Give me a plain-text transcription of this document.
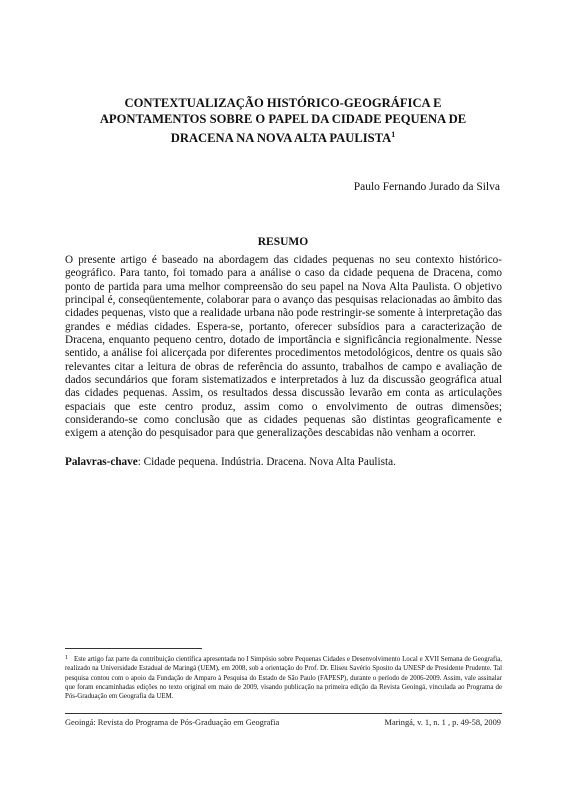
CONTEXTUALIZAÇÃO HISTÓRICO-GEOGRÁFICA E APONTAMENTOS SOBRE O PAPEL DA CIDADE PEQUENA DE DRACENA NA NOVA ALTA PAULISTA$^1$
Paulo Fernando Jurado da Silva
RESUMO

O presente artigo é baseado na abordagem das cidades pequenas no seu contexto histórico-geográfico. Para tanto, foi tomado para a análise o caso da cidade pequena de Dracena, como ponto de partida para uma melhor compreensão do seu papel na Nova Alta Paulista. O objetivo principal é, conseqüentemente, colaborar para o avanço das pesquisas relacionadas ao âmbito das cidades pequenas, visto que a realidade urbana não pode restringir-se somente à interpretação das grandes e médias cidades. Espera-se, portanto, oferecer subsídios para a caracterização de Dracena, enquanto pequeno centro, dotado de importância e significância regionalmente. Nesse sentido, a análise foi alicerçada por diferentes procedimentos metodológicos, dentre os quais são relevantes citar a leitura de obras de referência do assunto, trabalhos de campo e avaliação de dados secundários que foram sistematizados e interpretados à luz da discussão geográfica atual das cidades pequenas. Assim, os resultados dessa discussão levarão em conta as articulações espaciais que este centro produz, assim como o envolvimento de outras dimensões; considerando-se como conclusão que as cidades pequenas são distintas geograficamente e exigem a atenção do pesquisador para que generalizações descabidas não venham a ocorrer.

Palavras-chave: Cidade pequena. Indústria. Dracena. Nova Alta Paulista.

$^1$ Este artigo faz parte da contribuição científica apresentada no I Simpósio sobre Pequenas Cidades e Desenvolvimento Local e XVII Semana de Geografia, realizado na Universidade Estadual de Maringá (UEM), em 2008, sob a orientação do Prof. Dr. Eliseu Savério Sposito da UNESP de Presidente Prudente. Tal pesquisa contou com o apoio da Fundação de Amparo à Pesquisa do Estado de São Paulo (FAPESP), durante o período de 2006-2009. Assim, vale assinalar que foram encaminhadas edições no texto original em maio de 2009, visando publicação na primeira edição da Revista Geoingá, vinculada ao Programa de Pós-Graduação em Geografia da UEM.

Geoingá: Revista do Programa de Pós-Graduação em Geografia	Maringá, v. 1, n. 1 , p. 49-58, 2009
